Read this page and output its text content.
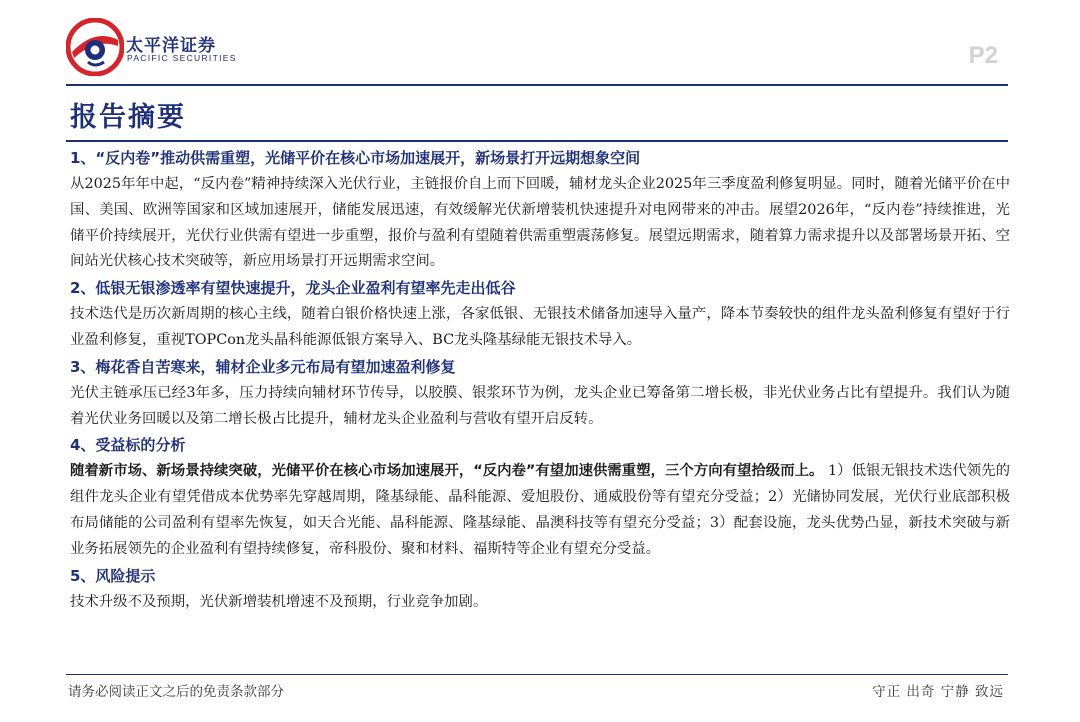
太平洋证券
PACIFIC SECURITIES	P2
报告摘要
1、“反内卷”推动供需重塑，光储平价在核心市场加速展开，新场景打开远期想象空间

从2025年年中起，“反内卷”精神持续深入光伏行业，主链报价自上而下回暖，辅材龙头企业2025年三季度盈利修复明显。同时，随着光储平价在中国、美国、欧洲等国家和区域加速展开，储能发展迅速，有效缓解光伏新增装机快速提升对电网带来的冲击。展望2026年，“反内卷”持续推进，光储平价持续展开，光伏行业供需有望进一步重塑，报价与盈利有望随着供需重塑震荡修复。展望远期需求，随着算力需求提升以及部署场景开拓、空间站光伏核心技术突破等，新应用场景打开远期需求空间。

2、低银无银渗透率有望快速提升，龙头企业盈利有望率先走出低谷

技术迭代是历次新周期的核心主线，随着白银价格快速上涨，各家低银、无银技术储备加速导入量产，降本节奏较快的组件龙头盈利修复有望好于行业盈利修复，重视TOPCon龙头晶科能源低银方案导入、BC龙头隆基绿能无银技术导入。

3、梅花香自苦寒来，辅材企业多元布局有望加速盈利修复

光伏主链承压已经3年多，压力持续向辅材环节传导，以胶膜、银浆环节为例，龙头企业已筹备第二增长极，非光伏业务占比有望提升。我们认为随着光伏业务回暖以及第二增长极占比提升，辅材龙头企业盈利与营收有望开启反转。

4、受益标的分析

随着新市场、新场景持续突破，光储平价在核心市场加速展开，“反内卷”有望加速供需重塑，三个方向有望拾级而上。 1）低银无银技术迭代领先的组件龙头企业有望凭借成本优势率先穿越周期，隆基绿能、晶科能源、爱旭股份、通威股份等有望充分受益；2）光储协同发展，光伏行业底部积极布局储能的公司盈利有望率先恢复，如天合光能、晶科能源、隆基绿能、晶澳科技等有望充分受益；3）配套设施，龙头优势凸显，新技术突破与新业务拓展领先的企业盈利有望持续修复，帝科股份、聚和材料、福斯特等企业有望充分受益。

5、风险提示

技术升级不及预期，光伏新增装机增速不及预期，行业竞争加剧。

请务必阅读正文之后的免责条款部分	守正 出奇 宁静 致远
